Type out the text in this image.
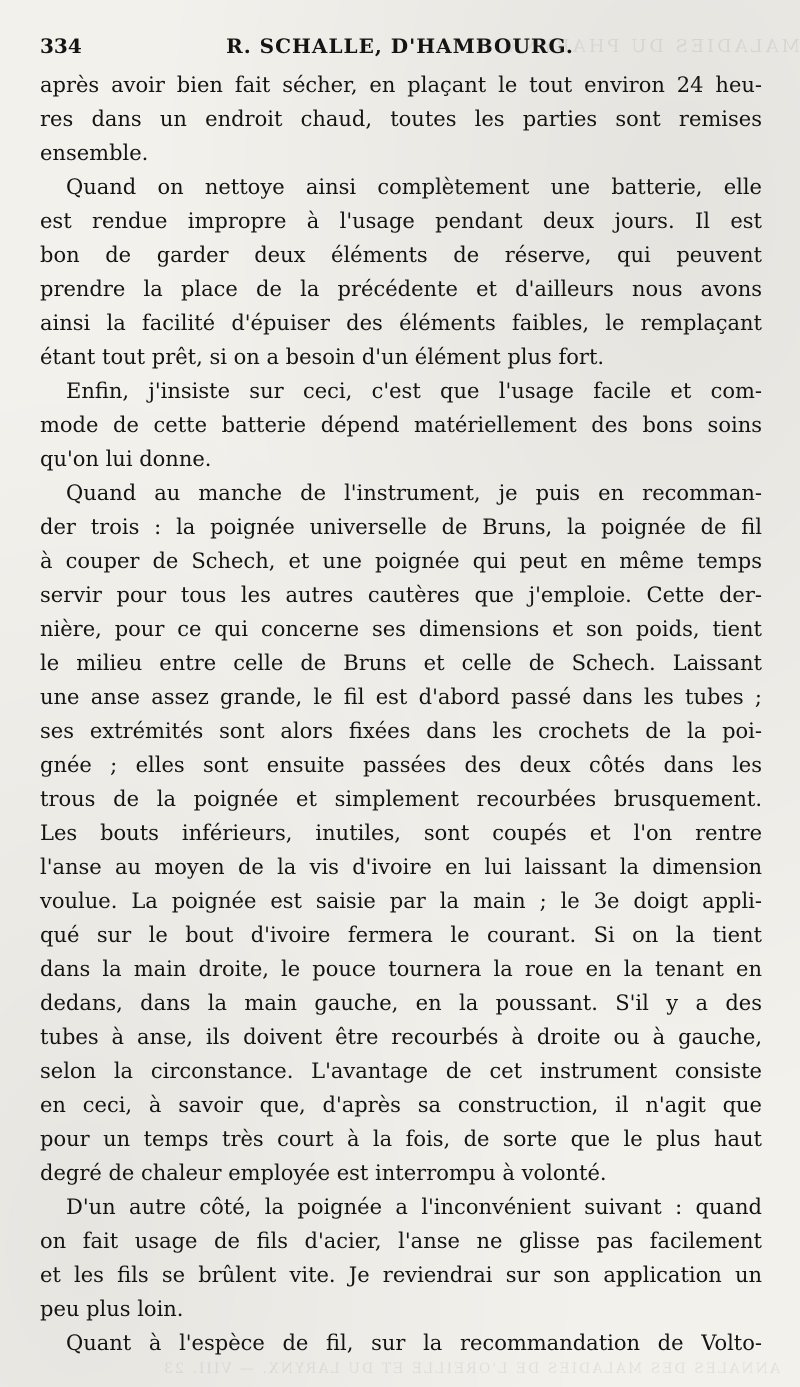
MALADIES DU PHARYNX.
334	R. SCHALLE, D'HAMBOURG.
après avoir bien fait sécher, en plaçant le tout environ 24 heu-
res dans un endroit chaud, toutes les parties sont remises
ensemble.
Quand on nettoye ainsi complètement une batterie, elle
est rendue impropre à l'usage pendant deux jours. Il est
bon de garder deux éléments de réserve, qui peuvent
prendre la place de la précédente et d'ailleurs nous avons
ainsi la facilité d'épuiser des éléments faibles, le remplaçant
étant tout prêt, si on a besoin d'un élément plus fort.
Enfin, j'insiste sur ceci, c'est que l'usage facile et com-
mode de cette batterie dépend matériellement des bons soins
qu'on lui donne.
Quand au manche de l'instrument, je puis en recomman-
der trois : la poignée universelle de Bruns, la poignée de fil
à couper de Schech, et une poignée qui peut en même temps
servir pour tous les autres cautères que j'emploie. Cette der-
nière, pour ce qui concerne ses dimensions et son poids, tient
le milieu entre celle de Bruns et celle de Schech. Laissant
une anse assez grande, le fil est d'abord passé dans les tubes ;
ses extrémités sont alors fixées dans les crochets de la poi-
gnée ; elles sont ensuite passées des deux côtés dans les
trous de la poignée et simplement recourbées brusquement.
Les bouts inférieurs, inutiles, sont coupés et l'on rentre
l'anse au moyen de la vis d'ivoire en lui laissant la dimension
voulue. La poignée est saisie par la main ; le 3e doigt appli-
qué sur le bout d'ivoire fermera le courant. Si on la tient
dans la main droite, le pouce tournera la roue en la tenant en
dedans, dans la main gauche, en la poussant. S'il y a des
tubes à anse, ils doivent être recourbés à droite ou à gauche,
selon la circonstance. L'avantage de cet instrument consiste
en ceci, à savoir que, d'après sa construction, il n'agit que
pour un temps très court à la fois, de sorte que le plus haut
degré de chaleur employée est interrompu à volonté.
D'un autre côté, la poignée a l'inconvénient suivant : quand
on fait usage de fils d'acier, l'anse ne glisse pas facilement
et les fils se brûlent vite. Je reviendrai sur son application un
peu plus loin.
Quant à l'espèce de fil, sur la recommandation de Volto-
ANNALES DES MALADIES DE L'OREILLE ET DU LARYNX. — VIII. 23
